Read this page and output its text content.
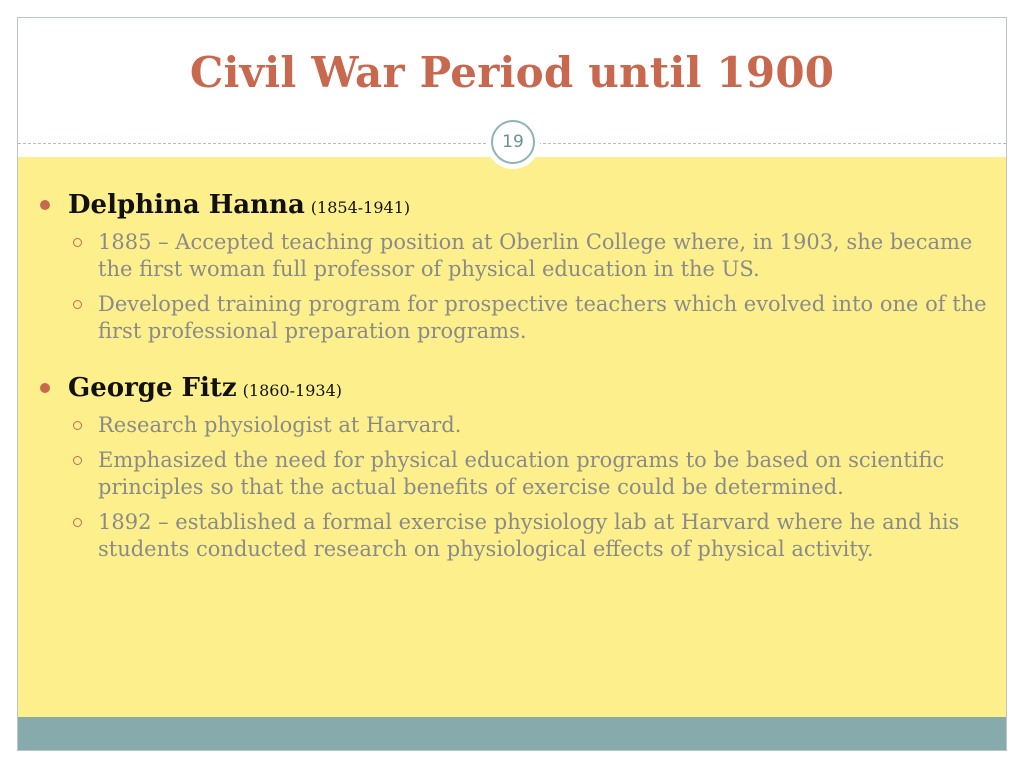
Civil War Period until 1900
19
Delphina Hanna (1854-1941)
1885 – Accepted teaching position at Oberlin College where, in 1903, she became the first woman full professor of physical education in the US.
Developed training program for prospective teachers which evolved into one of the first professional preparation programs.
George Fitz (1860-1934)
Research physiologist at Harvard.
Emphasized the need for physical education programs to be based on scientific principles so that the actual benefits of exercise could be determined.
1892 – established a formal exercise physiology lab at Harvard where he and his students conducted research on physiological effects of physical activity.
